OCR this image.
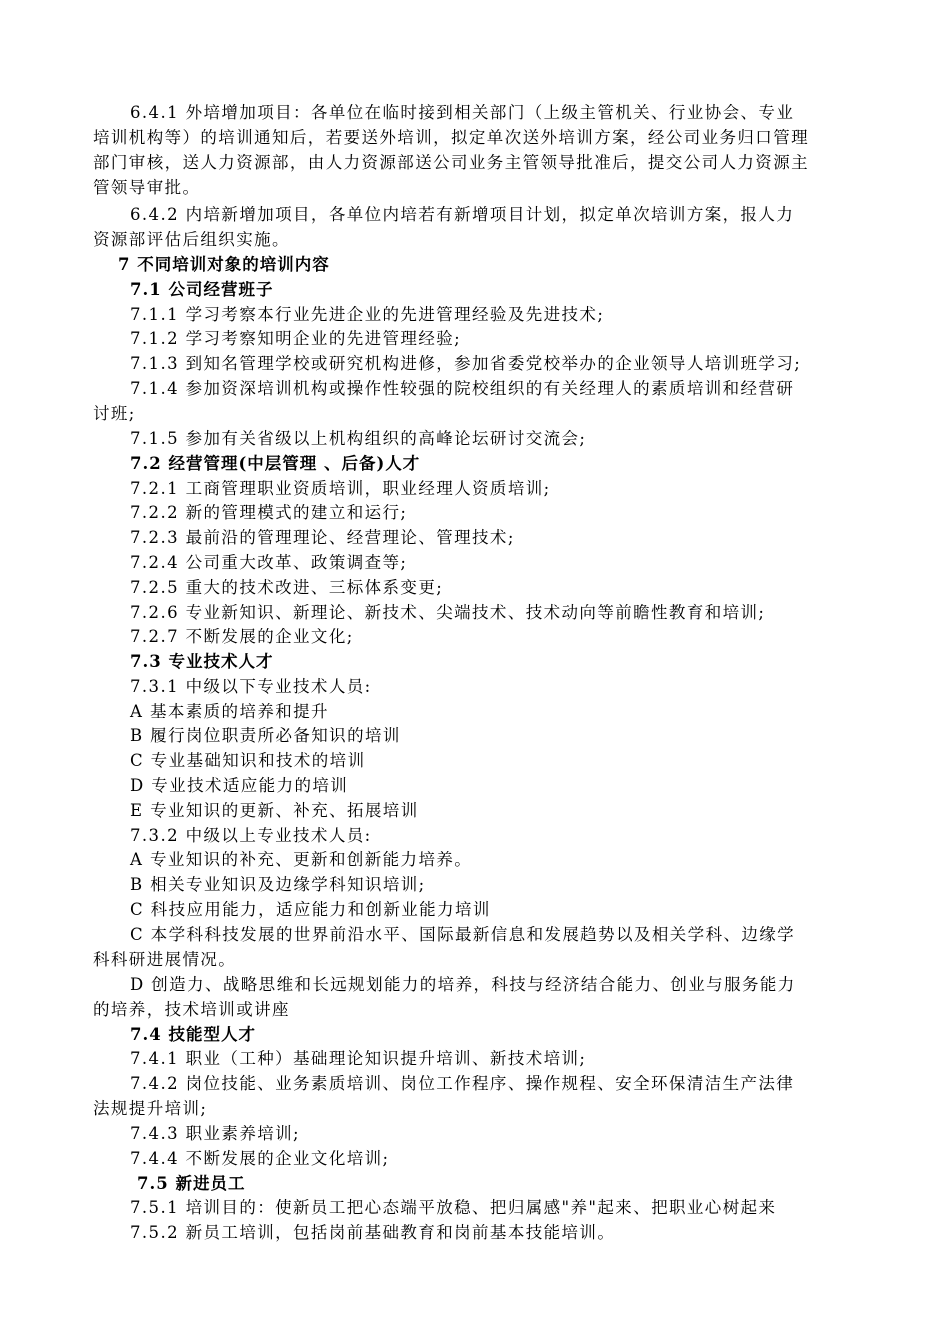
6.4.1 外培增加项目：各单位在临时接到相关部门（上级主管机关、行业协会、专业
培训机构等）的培训通知后，若要送外培训，拟定单次送外培训方案，经公司业务归口管理
部门审核，送人力资源部，由人力资源部送公司业务主管领导批准后，提交公司人力资源主
管领导审批。
6.4.2 内培新增加项目，各单位内培若有新增项目计划，拟定单次培训方案，报人力
资源部评估后组织实施。
7 不同培训对象的培训内容
7.1 公司经营班子
7.1.1 学习考察本行业先进企业的先进管理经验及先进技术;
7.1.2 学习考察知明企业的先进管理经验;
7.1.3 到知名管理学校或研究机构进修，参加省委党校举办的企业领导人培训班学习;
7.1.4 参加资深培训机构或操作性较强的院校组织的有关经理人的素质培训和经营研
讨班;
7.1.5 参加有关省级以上机构组织的高峰论坛研讨交流会;
7.2 经营管理(中层管理 、后备)人才
7.2.1 工商管理职业资质培训，职业经理人资质培训;
7.2.2 新的管理模式的建立和运行;
7.2.3 最前沿的管理理论、经营理论、管理技术;
7.2.4 公司重大改革、政策调查等;
7.2.5 重大的技术改进、三标体系变更;
7.2.6 专业新知识、新理论、新技术、尖端技术、技术动向等前瞻性教育和培训;
7.2.7 不断发展的企业文化;
7.3 专业技术人才
7.3.1 中级以下专业技术人员:
A 基本素质的培养和提升
B 履行岗位职责所必备知识的培训
C 专业基础知识和技术的培训
D 专业技术适应能力的培训
E 专业知识的更新、补充、拓展培训
7.3.2 中级以上专业技术人员:
A 专业知识的补充、更新和创新能力培养。
B 相关专业知识及边缘学科知识培训;
C 科技应用能力，适应能力和创新业能力培训
C 本学科科技发展的世界前沿水平、国际最新信息和发展趋势以及相关学科、边缘学
科科研进展情况。
D 创造力、战略思维和长远规划能力的培养，科技与经济结合能力、创业与服务能力
的培养，技术培训或讲座
7.4 技能型人才
7.4.1 职业（工种）基础理论知识提升培训、新技术培训;
7.4.2 岗位技能、业务素质培训、岗位工作程序、操作规程、安全环保清洁生产法律
法规提升培训;
7.4.3 职业素养培训;
7.4.4 不断发展的企业文化培训;
7.5 新进员工
7.5.1 培训目的：使新员工把心态端平放稳、把归属感"养"起来、把职业心树起来
7.5.2 新员工培训，包括岗前基础教育和岗前基本技能培训。
